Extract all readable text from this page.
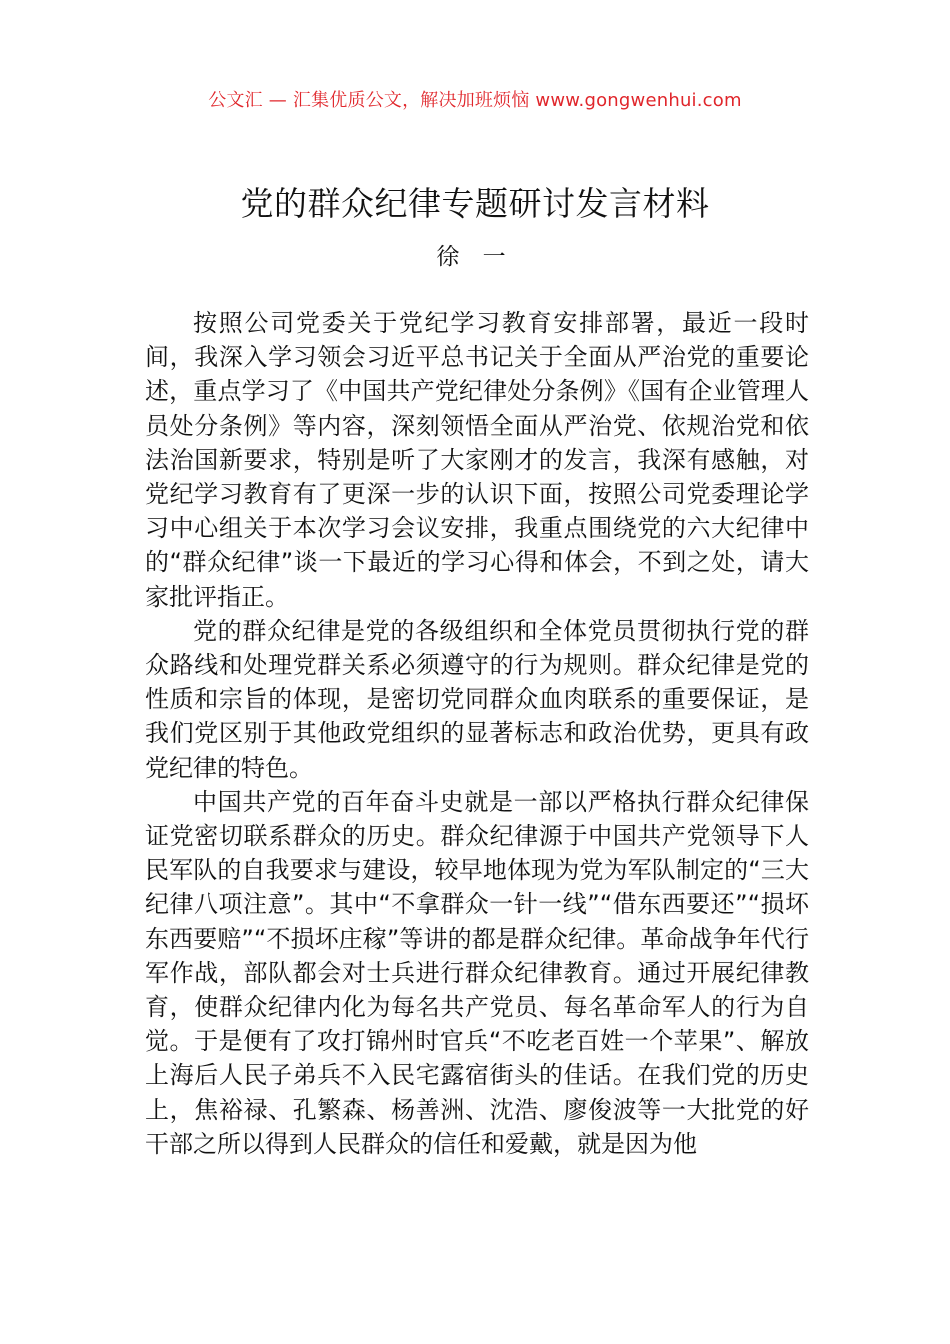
公文汇 — 汇集优质公文，解决加班烦恼 www.gongwenhui.com
党的群众纪律专题研讨发言材料
徐 一

按照公司党委关于党纪学习教育安排部署，最近一段时间，我深入学习领会习近平总书记关于全面从严治党的重要论述，重点学习了《中国共产党纪律处分条例》《国有企业管理人员处分条例》等内容，深刻领悟全面从严治党、依规治党和依法治国新要求，特别是听了大家刚才的发言，我深有感触，对党纪学习教育有了更深一步的认识下面，按照公司党委理论学习中心组关于本次学习会议安排，我重点围绕党的六大纪律中的“群众纪律”谈一下最近的学习心得和体会，不到之处，请大家批评指正。

党的群众纪律是党的各级组织和全体党员贯彻执行党的群众路线和处理党群关系必须遵守的行为规则。群众纪律是党的性质和宗旨的体现，是密切党同群众血肉联系的重要保证，是我们党区别于其他政党组织的显著标志和政治优势，更具有政党纪律的特色。

中国共产党的百年奋斗史就是一部以严格执行群众纪律保证党密切联系群众的历史。群众纪律源于中国共产党领导下人民军队的自我要求与建设，较早地体现为党为军队制定的“三大纪律八项注意”。其中“不拿群众一针一线”“借东西要还”“损坏东西要赔”“不损坏庄稼”等讲的都是群众纪律。革命战争年代行军作战，部队都会对士兵进行群众纪律教育。通过开展纪律教育，使群众纪律内化为每名共产党员、每名革命军人的行为自觉。于是便有了攻打锦州时官兵“不吃老百姓一个苹果”、解放上海后人民子弟兵不入民宅露宿街头的佳话。在我们党的历史上，焦裕禄、孔繁森、杨善洲、沈浩、廖俊波等一大批党的好干部之所以得到人民群众的信任和爱戴，就是因为他
